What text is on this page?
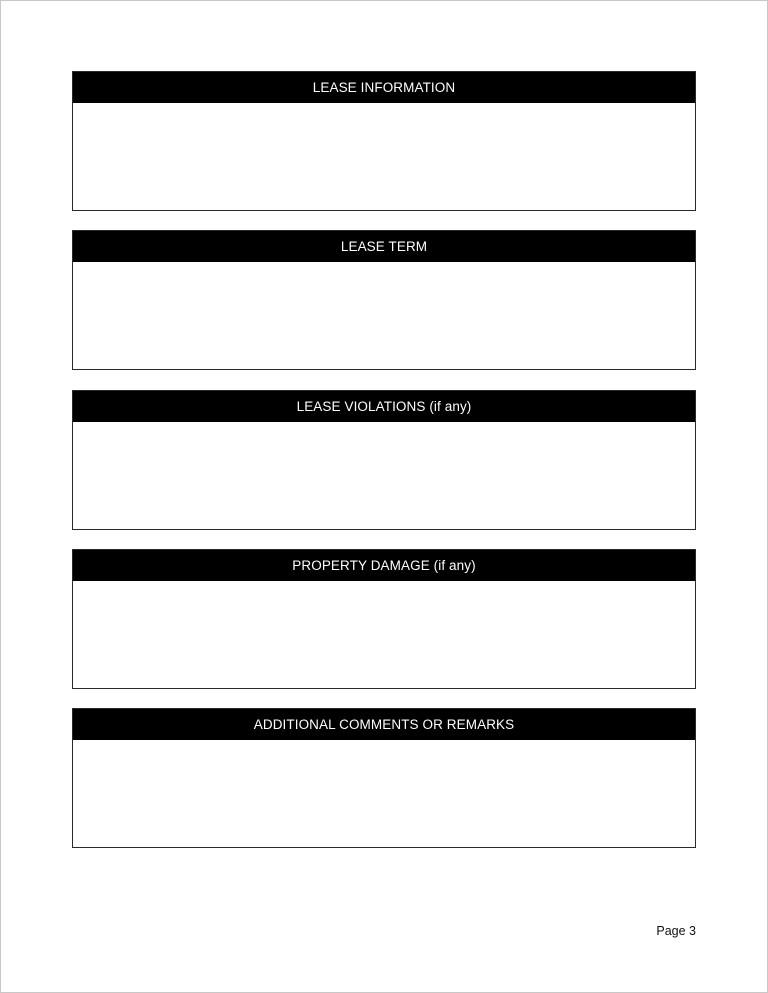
LEASE INFORMATION
LEASE TERM
LEASE VIOLATIONS (if any)
PROPERTY DAMAGE (if any)
ADDITIONAL COMMENTS OR REMARKS
Page 3
